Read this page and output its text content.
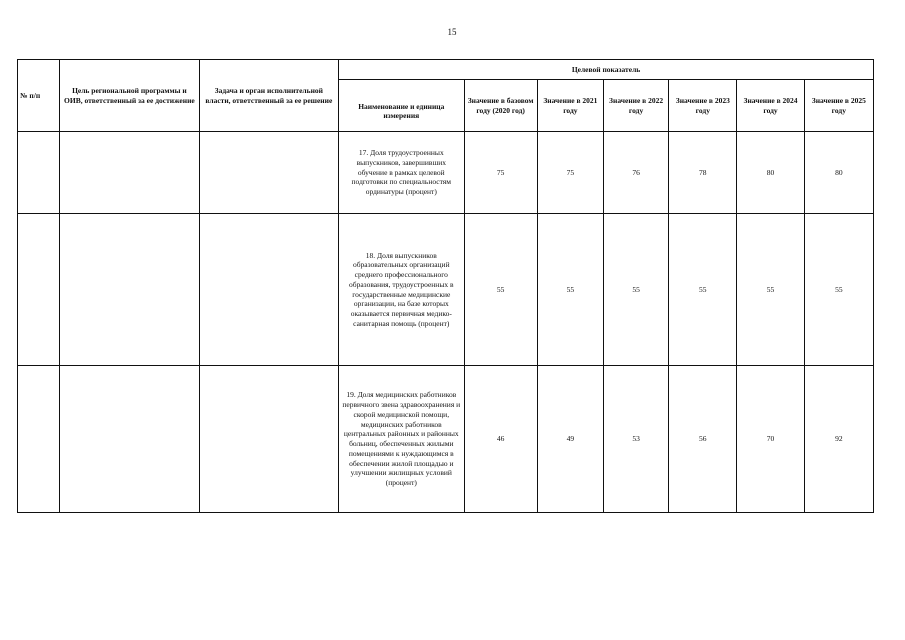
15
№ п/п	Цель региональной программы и ОИВ, ответственный за ее достижение	Задача и орган исполнительной власти, ответственный за ее решение	Целевой показатель						
			Наименование и единица измерения	Значение в базовом году (2020 год)	Значение в 2021 году	Значение в 2022 году	Значение в 2023 году	Значение в 2024 году	Значение в 2025 году
			17. Доля трудоустроенных выпускников, завершивших обучение в рамках целевой подготовки по специальностям ординатуры (процент)	75	75	76	78	80	80
			18. Доля выпускников образовательных организаций среднего профессионального образования, трудоустроенных в государственные медицинские организации, на базе которых оказывается первичная медико-санитарная помощь (процент)	55	55	55	55	55	55
			19. Доля медицинских работников первичного звена здравоохранения и скорой медицинской помощи, медицинских работников центральных районных и районных больниц, обеспеченных жилыми помещениями к нуждающимся в обеспечении жилой площадью и улучшении жилищных условий (процент)	46	49	53	56	70	92
